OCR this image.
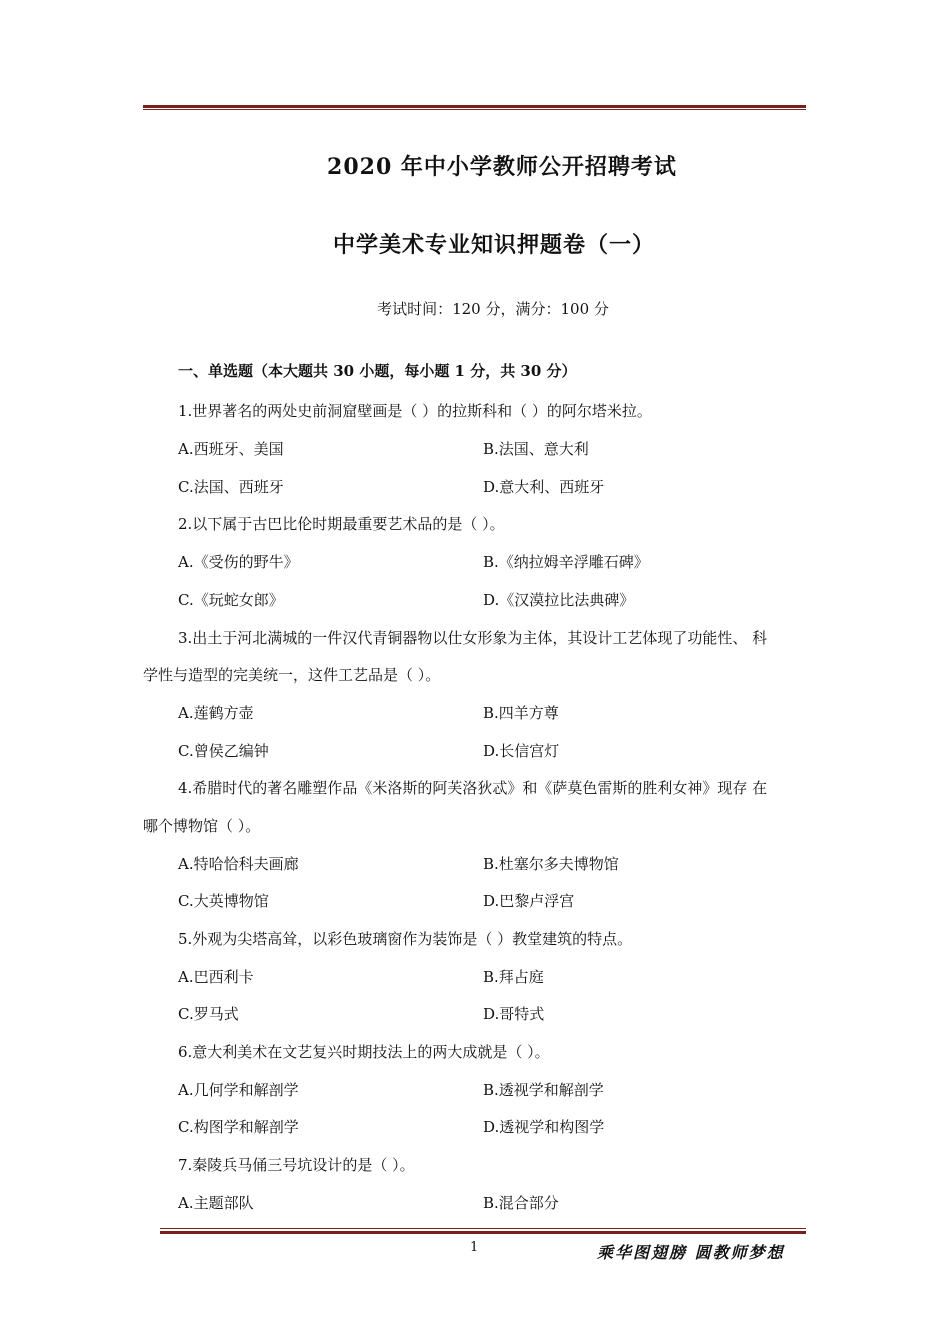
2020 年中小学教师公开招聘考试
中学美术专业知识押题卷（一）
考试时间：120 分，满分：100 分
一、单选题（本大题共 30 小题，每小题 1 分，共 30 分）
1.世界著名的两处史前洞窟壁画是（ ）的拉斯科和（ ）的阿尔塔米拉。
A.西班牙、美国	B.法国、意大利
C.法国、西班牙	D.意大利、西班牙
2.以下属于古巴比伦时期最重要艺术品的是（ ）。
A.《受伤的野牛》	B.《纳拉姆辛浮雕石碑》
C.《玩蛇女郎》	D.《汉漠拉比法典碑》
3.出土于河北满城的一件汉代青铜器物以仕女形象为主体，其设计工艺体现了功能性、 科
学性与造型的完美统一，这件工艺品是（ ）。
A.莲鹤方壶	B.四羊方尊
C.曾侯乙编钟	D.长信宫灯
4.希腊时代的著名雕塑作品《米洛斯的阿芙洛狄忒》和《萨莫色雷斯的胜利女神》现存 在
哪个博物馆（ ）。
A.特哈恰科夫画廊	B.杜塞尔多夫博物馆
C.大英博物馆	D.巴黎卢浮宫
5.外观为尖塔高耸，以彩色玻璃窗作为装饰是（ ）教堂建筑的特点。
A.巴西利卡	B.拜占庭
C.罗马式	D.哥特式
6.意大利美术在文艺复兴时期技法上的两大成就是（ ）。
A.几何学和解剖学	B.透视学和解剖学
C.构图学和解剖学	D.透视学和构图学
7.秦陵兵马俑三号坑设计的是（ ）。
A.主题部队	B.混合部分
1	乘华图翅膀 圆教师梦想
